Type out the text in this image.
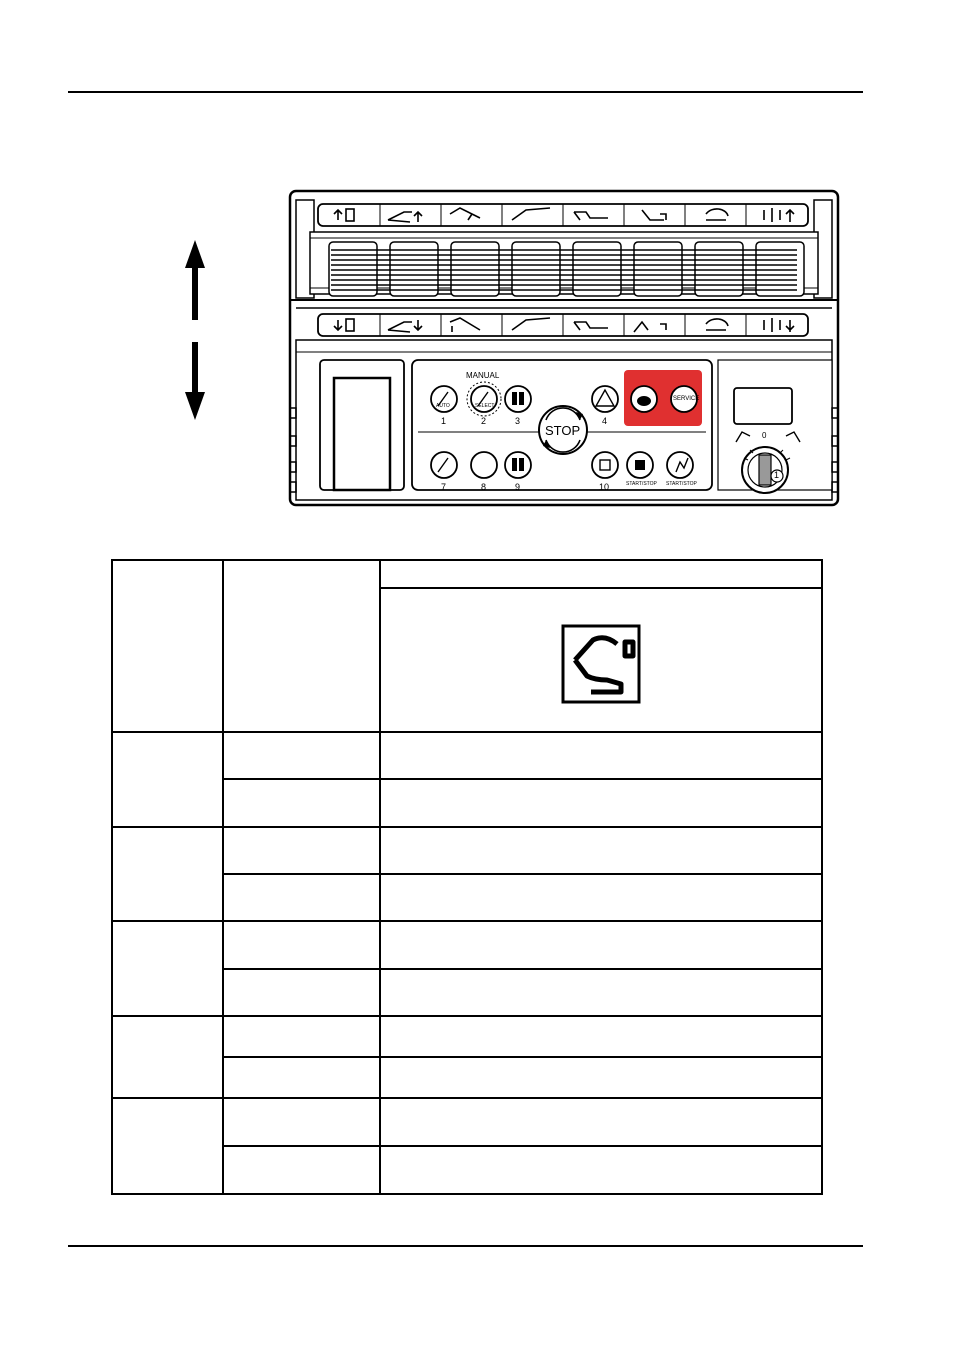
MANUAL
SELECT
AUTO
SERVICE
STOP
1	2	3	4
7	8	9	10	START/STOP START/STOP
0
1
